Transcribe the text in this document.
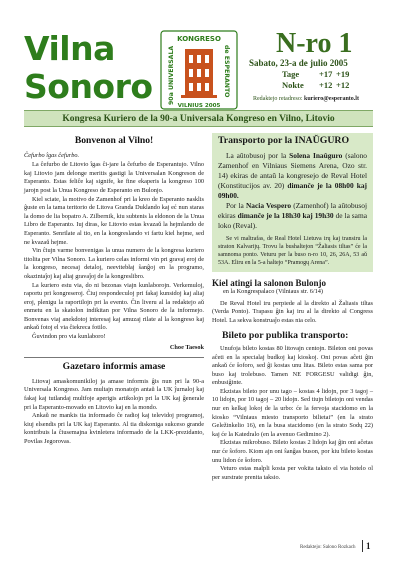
Vilna
Sonoro
KONGRESO
90a UNIVERSALA	de ESPERANTO
VILNIUS 2005
N-ro 1
Sabato, 23-a de julio 2005
Tage +17 +19
Nokte +12 +12
Redaktejo retadreso: kuriero@esperanto.lt
Kongresa Kuriero de la 90-a Universala Kongreso en Vilno, Litovio
Bonvenon al Vilno!
Ĉefurbo îgas ĉefurbo.

La ĉefurbo de Litovio îgas ĉi-jare la ĉefurbo de Esperantujo. Vilno kaj Litovio jam delonge meritis gastigi la Universalan Kongreson de Esperanto. Estas feliĉe kaj signife, ke fine ekaperis la kongreso 100 jarojn post la Unua Kongreso de Esperanto en Bulonjo.

Kiel sciate, la motivo de Zamenhof pri la kreo de Esperanto nasklis ĝuste en la tama teritorio de Litova Granda Duklando kaj eć nun staras la domo de lia bopatro A. Zilbernik, kiu subtenis la eldonon de la Unua Libro de Esperanto. Iuj diras, ke Litovio estas kvazaŭ la hejmlando de Esperanto. Senrilate al tio, en la kongreslando vi fartu kiel hejme, sed ne kvazaŭ hejme.

Vin ĉiujn varme bonvenigas la unua numero de la kongresa kuriero titolita per Vilna Sonoro. La kuriero celas informi vin pri gravaj eroj de la kongreso, necesaj detaloj, neevitebłaj ŝanĝoj en la programo, okazintaĵoj kaj aliaj gravaĵoj de la kongreslibro.

La kuriero estu via, do ni bezonas viajn kunlaborojn. Verkemuloj, raportu pri kongreseroj. Ĉiuj respondeculoj pri fakaj kunsidoj kaj aliaj eroj, plenigu la raportilojn pri la evento. Ĉin liveru al la redaktejo aŭ enmetu en la skatolon indikitan por Vilna Sonoro de la informejo. Bonvenas viaj anekdotoj interesaj kaj amuzaj rilate al la kongreso kaj ankaŭ fotoj el via ĉiekreca fotilo.

Ĝuvindon pro via kunlaboro!

Choe Taesok
Gazetaro informis amase

Litovaj amaskomunikiloj ja amase informis ĝis nun pri la 90-a Universala Kongreso. Jam multajn monatojn antaŭ la UK ĵurnaloj kaj fakaj kaj tutlandaj multfoje aperigis artikolojn pri la UK kaj ĝenerale pri la Esperanto-movado en Litovio kaj en la mondo.

Ankaŭ ne mankis tia informado ĉe radioj kaj televidoj programoj, kiuj elsendis pri la UK kaj Esperanto. Al tia diskoniga sukceso grande kontribuis la ĉiusemajna kvinletera informado de la LKK-prezidanto, Povilas Jegorovas.

Transporto por la INAŬGURO

La aŭtobusoj por la Solena Inaŭguro (salono Zamenhof en Vilniaus Siemens Arena, Ozo str. 14) ekiras de antaŭ la kongresejo de Reval Hotel (Konstitucijos av. 20) dimanĉe je la 08h00 kaj 09h00.

Por la Nacia Vespero (Zamenhof) la aŭtobusoj ekiras dimanĉe je la 18h30 kaj 19h30 de la sama loko (Reval).

Se vi maltrafas, de Real Hotel Lietuva irų kaj transiru la straton Kalvarijų. Trovu la bushaltejon “Žaliasis tiltas” će la samnoma ponto. Veturu per la buso n-ro 10, 26, 26A, 53 aŭ 53A. Eliru en la 5-a haltejo “Pramogų Arena”.

Kiel atingi la salonon Bulonjo
en la Kongrespalaco (Vilniaus str. 6/14)

De Reval Hotel iru perpiede al la direkto al Žaliasis tiltas (Verda Ponto). Trapasu ĝin kaj iru al la direkto al Congress Hotel. La sekva konstruaĵo estas nia celo.

Bileto por publika transporto:

Unufoja bileto kostas 80 litovajn centojn. Bileton oni povas aĉeti en la specialaj budkoj kaj kioskoj. Oni povas aĉeti ĝin ankaŭ će ŝoforo, sed ĝi kostas unu litas. Bileto estas sama por buso kaj trolebuso. Tamen NE FORGESU validigi ĝin, enbusiĝinte.

Ekzistas bileto por unu tago – kostas 4 lidojn, por 3 tagoj – 10 lidojn, por 10 tagoj – 20 lidojn. Sed tiujn biletojn oni vendas nur en kelkaj lokoj de la urbo: će la fervoja stacidomo en la kiosko “Vilniaus miesto transporto bilietai” (en la strato Geležinkelio 16), en la busa stacidomo (en la strato Sodų 22) kaj će la Katedralo (en la avenuo Gedimino 2).

Ekzistas mikrobuso. Bileto kostas 2 lidojn kaj ĝin oni aĉetas nur će ŝoforo. Kiom ajn oni ŝanĝas buson, por kiu bileto kostas unu lidon će ŝoforo.

Veturo estas malpli kosta per vokita taksio el via hotelo ol per surstrate prenita taksio.

Redaktejo: Salono Rozkach 1
